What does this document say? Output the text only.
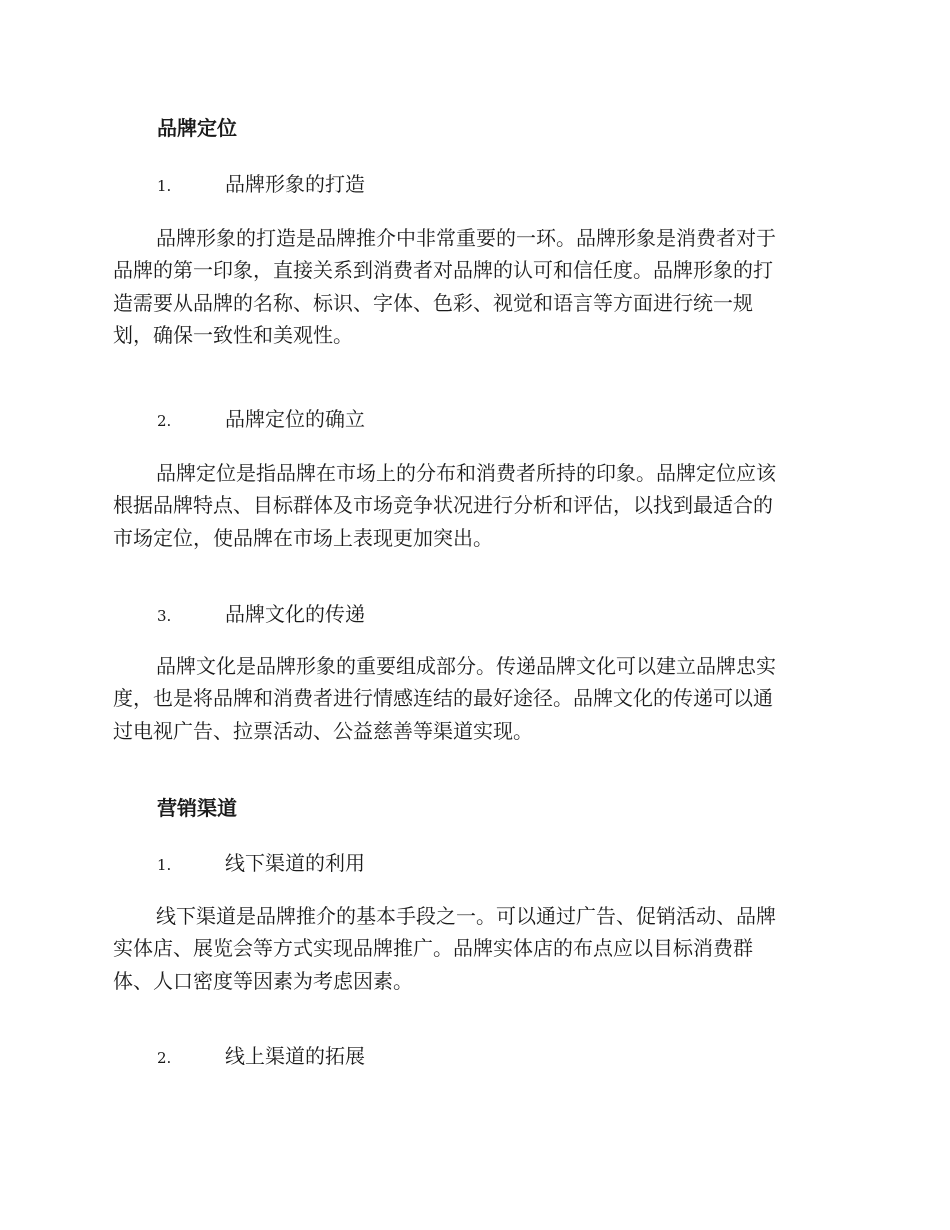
品牌定位

1.	品牌形象的打造

品牌形象的打造是品牌推介中非常重要的一环。品牌形象是消费者对于
品牌的第一印象，直接关系到消费者对品牌的认可和信任度。品牌形象的打
造需要从品牌的名称、标识、字体、色彩、视觉和语言等方面进行统一规
划，确保一致性和美观性。

2.	品牌定位的确立

品牌定位是指品牌在市场上的分布和消费者所持的印象。品牌定位应该
根据品牌特点、目标群体及市场竞争状况进行分析和评估，以找到最适合的
市场定位，使品牌在市场上表现更加突出。

3.	品牌文化的传递

品牌文化是品牌形象的重要组成部分。传递品牌文化可以建立品牌忠实
度，也是将品牌和消费者进行情感连结的最好途径。品牌文化的传递可以通
过电视广告、拉票活动、公益慈善等渠道实现。
营销渠道

1.	线下渠道的利用

线下渠道是品牌推介的基本手段之一。可以通过广告、促销活动、品牌
实体店、展览会等方式实现品牌推广。品牌实体店的布点应以目标消费群
体、人口密度等因素为考虑因素。

2.	线上渠道的拓展
